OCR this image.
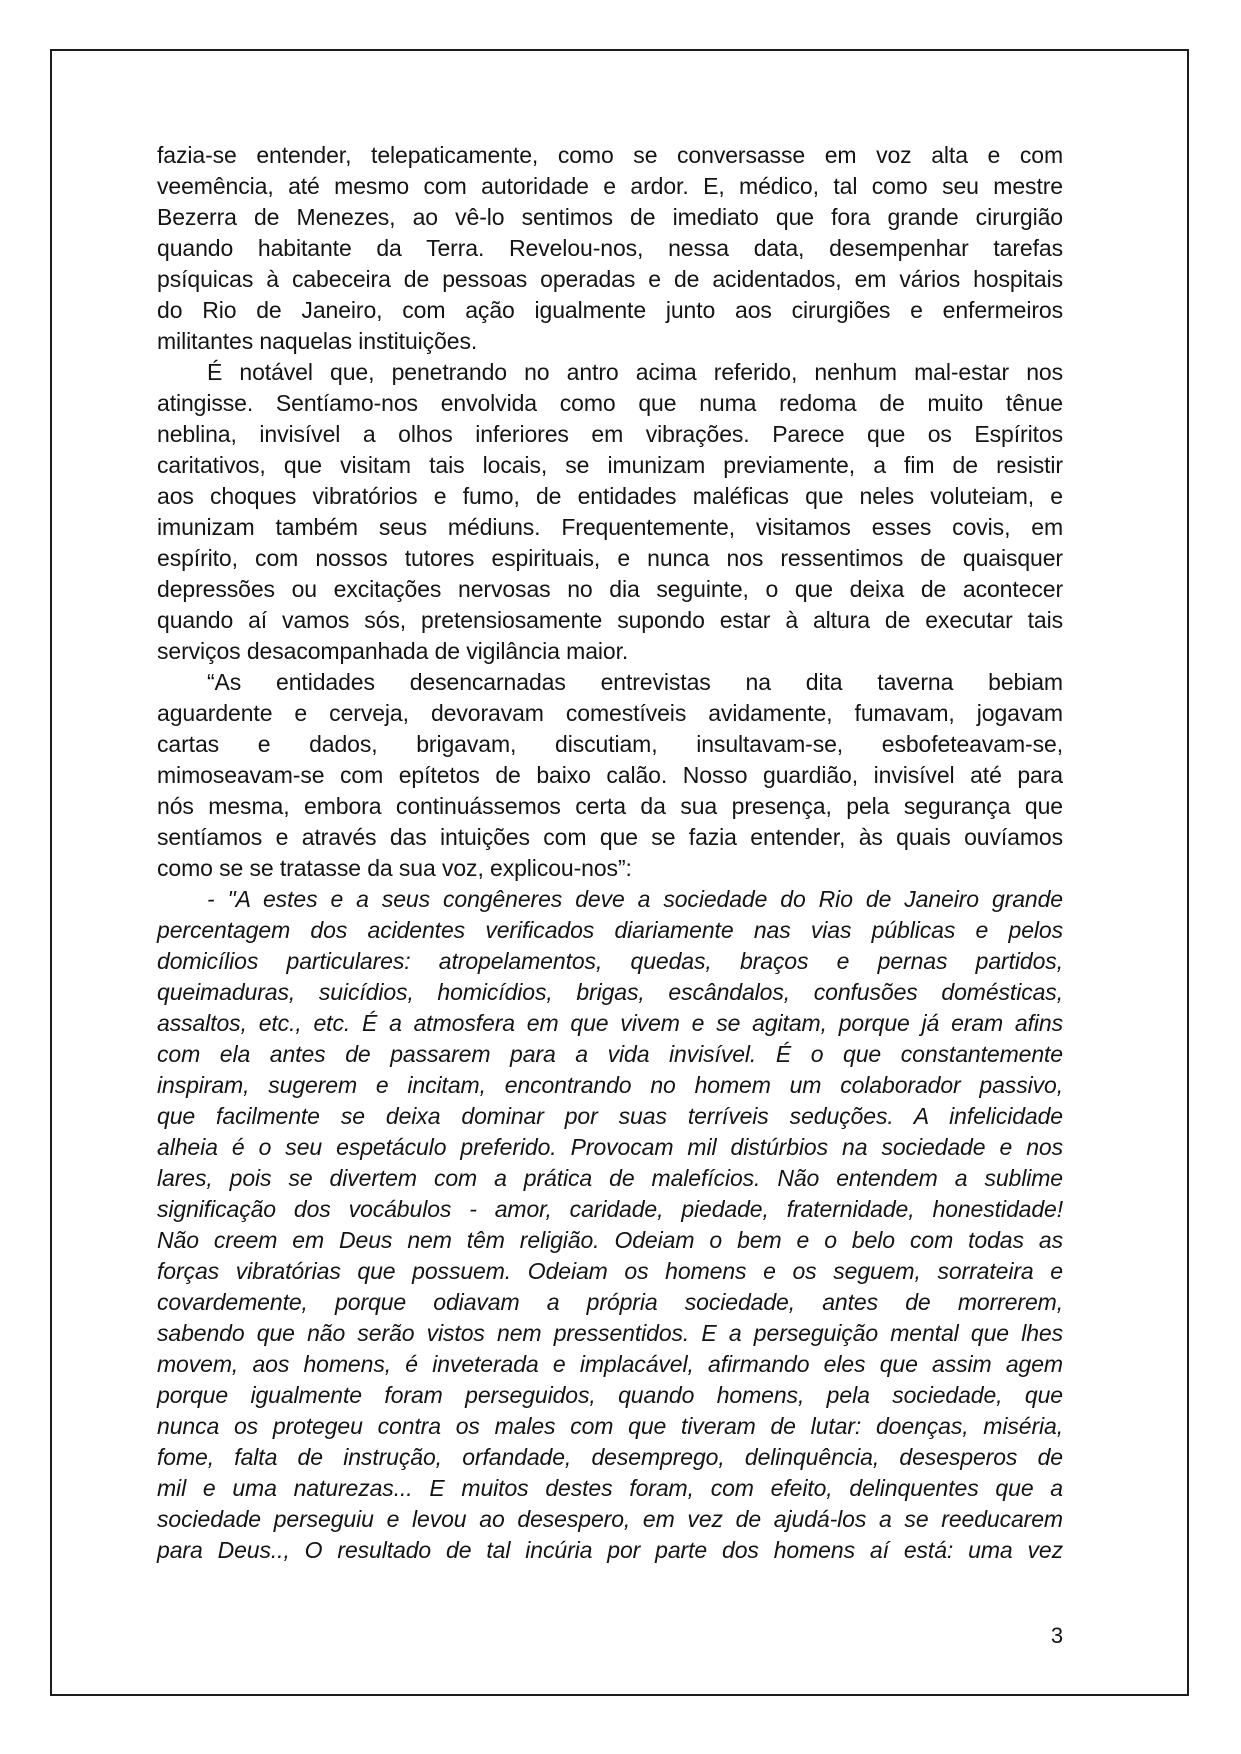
fazia-se entender, telepaticamente, como se conversasse em voz alta e com
veemência, até mesmo com autoridade e ardor. E, médico, tal como seu mestre
Bezerra de Menezes, ao vê-lo sentimos de imediato que fora grande cirurgião
quando habitante da Terra. Revelou-nos, nessa data, desempenhar tarefas
psíquicas à cabeceira de pessoas operadas e de acidentados, em vários hospitais
do Rio de Janeiro, com ação igualmente junto aos cirurgiões e enfermeiros
militantes naquelas instituições.
É notável que, penetrando no antro acima referido, nenhum mal-estar nos
atingisse. Sentíamo-nos envolvida como que numa redoma de muito tênue
neblina, invisível a olhos inferiores em vibrações. Parece que os Espíritos
caritativos, que visitam tais locais, se imunizam previamente, a fim de resistir
aos choques vibratórios e fumo, de entidades maléficas que neles voluteiam, e
imunizam também seus médiuns. Frequentemente, visitamos esses covis, em
espírito, com nossos tutores espirituais, e nunca nos ressentimos de quaisquer
depressões ou excitações nervosas no dia seguinte, o que deixa de acontecer
quando aí vamos sós, pretensiosamente supondo estar à altura de executar tais
serviços desacompanhada de vigilância maior.
“As entidades desencarnadas entrevistas na dita taverna bebiam
aguardente e cerveja, devoravam comestíveis avidamente, fumavam, jogavam
cartas e dados, brigavam, discutiam, insultavam-se, esbofeteavam-se,
mimoseavam-se com epítetos de baixo calão. Nosso guardião, invisível até para
nós mesma, embora continuássemos certa da sua presença, pela segurança que
sentíamos e através das intuições com que se fazia entender, às quais ouvíamos
como se se tratasse da sua voz, explicou-nos”:
- "A estes e a seus congêneres deve a sociedade do Rio de Janeiro grande
percentagem dos acidentes verificados diariamente nas vias públicas e pelos
domicílios particulares: atropelamentos, quedas, braços e pernas partidos,
queimaduras, suicídios, homicídios, brigas, escândalos, confusões domésticas,
assaltos, etc., etc. É a atmosfera em que vivem e se agitam, porque já eram afins
com ela antes de passarem para a vida invisível. É o que constantemente
inspiram, sugerem e incitam, encontrando no homem um colaborador passivo,
que facilmente se deixa dominar por suas terríveis seduções. A infelicidade
alheia é o seu espetáculo preferido. Provocam mil distúrbios na sociedade e nos
lares, pois se divertem com a prática de malefícios. Não entendem a sublime
significação dos vocábulos - amor, caridade, piedade, fraternidade, honestidade!
Não creem em Deus nem têm religião. Odeiam o bem e o belo com todas as
forças vibratórias que possuem. Odeiam os homens e os seguem, sorrateira e
covardemente, porque odiavam a própria sociedade, antes de morrerem,
sabendo que não serão vistos nem pressentidos. E a perseguição mental que lhes
movem, aos homens, é inveterada e implacável, afirmando eles que assim agem
porque igualmente foram perseguidos, quando homens, pela sociedade, que
nunca os protegeu contra os males com que tiveram de lutar: doenças, miséria,
fome, falta de instrução, orfandade, desemprego, delinquência, desesperos de
mil e uma naturezas... E muitos destes foram, com efeito, delinquentes que a
sociedade perseguiu e levou ao desespero, em vez de ajudá-los a se reeducarem
para Deus.., O resultado de tal incúria por parte dos homens aí está: uma vez
3
